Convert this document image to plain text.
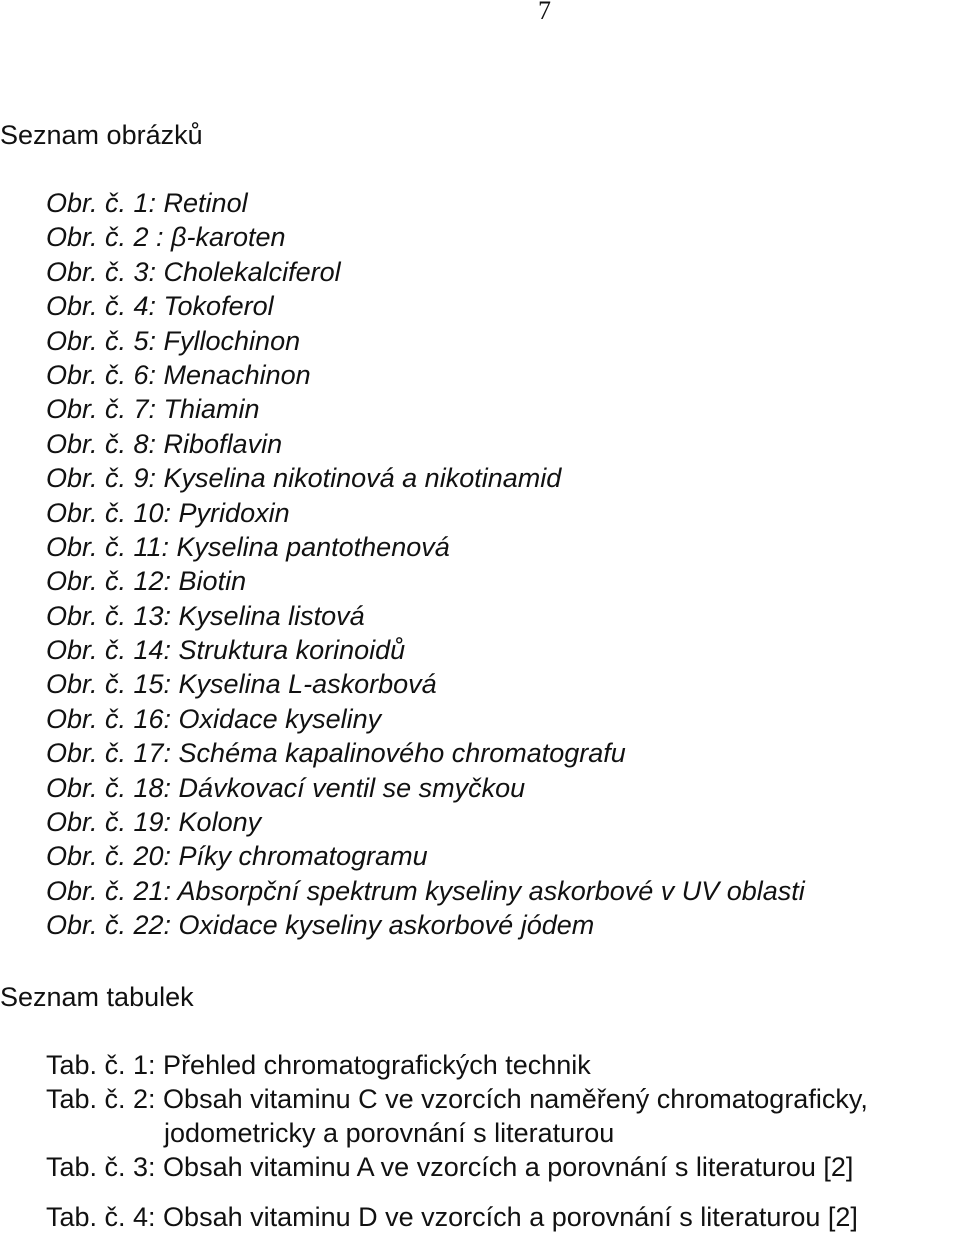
7
Seznam obrázků
Obr. č. 1: Retinol
Obr. č. 2 : β-karoten
Obr. č. 3: Cholekalciferol
Obr. č. 4: Tokoferol
Obr. č. 5: Fyllochinon
Obr. č. 6: Menachinon
Obr. č. 7: Thiamin
Obr. č. 8: Riboflavin
Obr. č. 9: Kyselina nikotinová a nikotinamid
Obr. č. 10: Pyridoxin
Obr. č. 11: Kyselina pantothenová
Obr. č. 12: Biotin
Obr. č. 13: Kyselina listová
Obr. č. 14: Struktura korinoidů
Obr. č. 15: Kyselina L-askorbová
Obr. č. 16: Oxidace kyseliny
Obr. č. 17: Schéma kapalinového chromatografu
Obr. č. 18: Dávkovací ventil se smyčkou
Obr. č. 19: Kolony
Obr. č. 20: Píky chromatogramu
Obr. č. 21: Absorpční spektrum kyseliny askorbové v UV oblasti
Obr. č. 22: Oxidace kyseliny askorbové jódem
Seznam tabulek
Tab. č. 1: Přehled chromatografických technik
Tab. č. 2: Obsah vitaminu C ve vzorcích naměřený chromatograficky,
jodometricky a porovnání s literaturou
Tab. č. 3: Obsah vitaminu A ve vzorcích a porovnání s literaturou [2]
Tab. č. 4: Obsah vitaminu D ve vzorcích a porovnání s literaturou [2]
